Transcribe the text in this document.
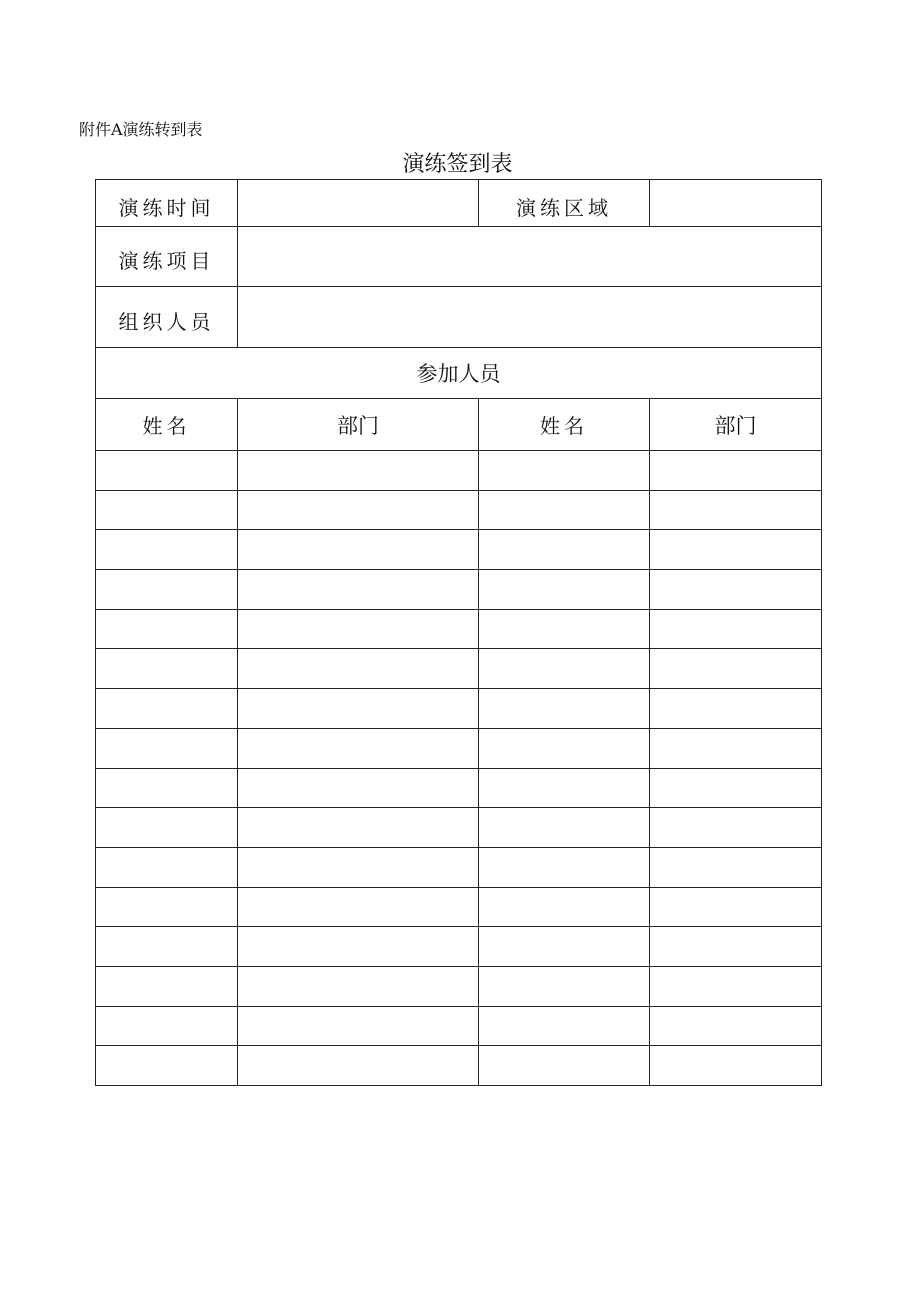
附件A演练转到表
演练签到表
演练时间		演练区域	
演练项目			
组织人员			
参加人员			
姓名	部门	姓名	部门
